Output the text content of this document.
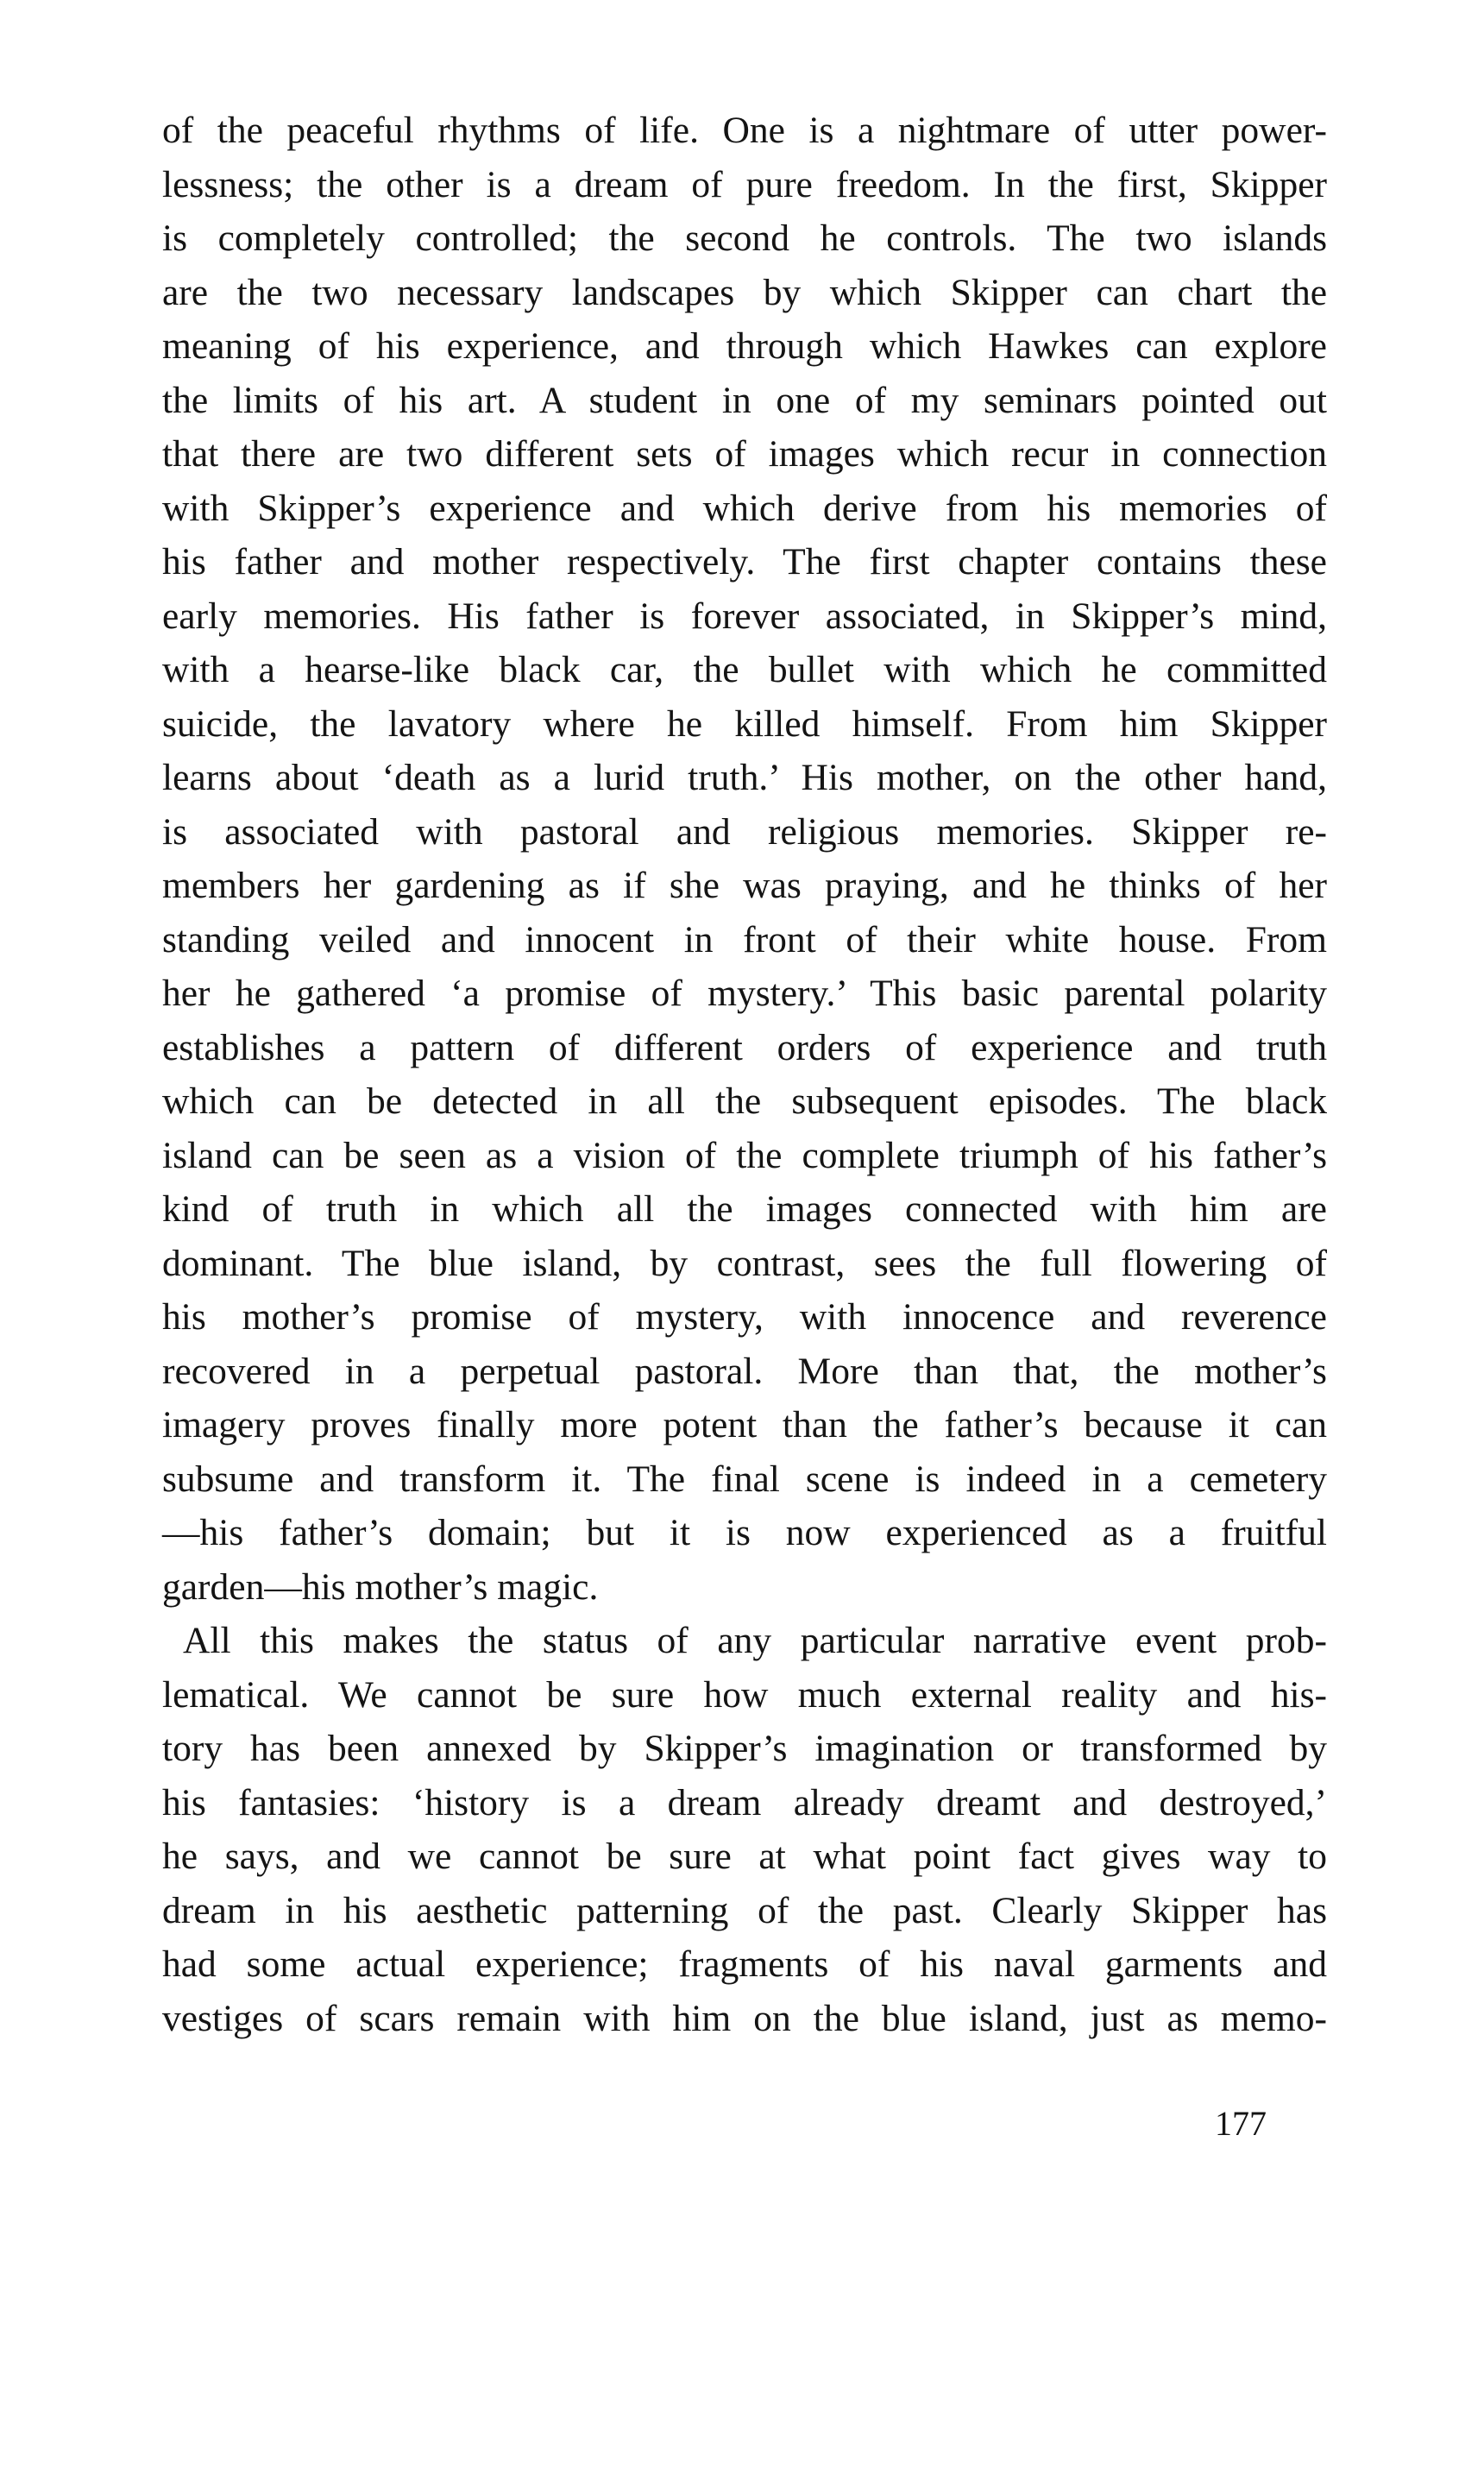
of the peaceful rhythms of life. One is a nightmare of utter power-
lessness; the other is a dream of pure freedom. In the first, Skipper
is completely controlled; the second he controls. The two islands
are the two necessary landscapes by which Skipper can chart the
meaning of his experience, and through which Hawkes can explore
the limits of his art. A student in one of my seminars pointed out
that there are two different sets of images which recur in connection
with Skipper’s experience and which derive from his memories of
his father and mother respectively. The first chapter contains these
early memories. His father is forever associated, in Skipper’s mind,
with a hearse-like black car, the bullet with which he committed
suicide, the lavatory where he killed himself. From him Skipper
learns about ‘death as a lurid truth.’ His mother, on the other hand,
is associated with pastoral and religious memories. Skipper re-
members her gardening as if she was praying, and he thinks of her
standing veiled and innocent in front of their white house. From
her he gathered ‘a promise of mystery.’ This basic parental polarity
establishes a pattern of different orders of experience and truth
which can be detected in all the subsequent episodes. The black
island can be seen as a vision of the complete triumph of his father’s
kind of truth in which all the images connected with him are
dominant. The blue island, by contrast, sees the full flowering of
his mother’s promise of mystery, with innocence and reverence
recovered in a perpetual pastoral. More than that, the mother’s
imagery proves finally more potent than the father’s because it can
subsume and transform it. The final scene is indeed in a cemetery
—his father’s domain; but it is now experienced as a fruitful
garden—his mother’s magic.
All this makes the status of any particular narrative event prob-
lematical. We cannot be sure how much external reality and his-
tory has been annexed by Skipper’s imagination or transformed by
his fantasies: ‘history is a dream already dreamt and destroyed,’
he says, and we cannot be sure at what point fact gives way to
dream in his aesthetic patterning of the past. Clearly Skipper has
had some actual experience; fragments of his naval garments and
vestiges of scars remain with him on the blue island, just as memo-
177
